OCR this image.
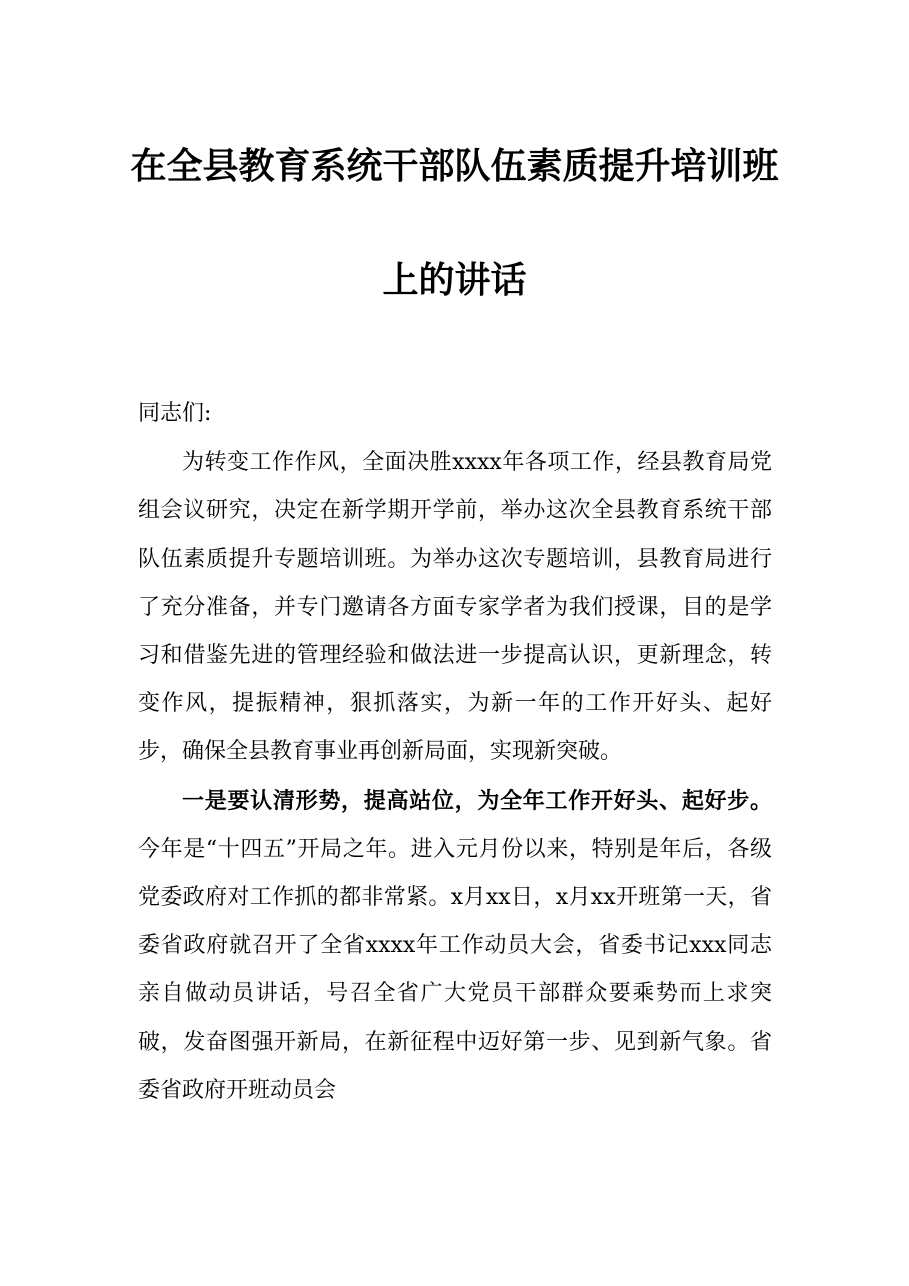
在全县教育系统干部队伍素质提升培训班
上的讲话

同志们:

为转变工作作风，全面决胜xxxx年各项工作，经县教育局党组会议研究，决定在新学期开学前，举办这次全县教育系统干部队伍素质提升专题培训班。为举办这次专题培训，县教育局进行了充分准备，并专门邀请各方面专家学者为我们授课，目的是学习和借鉴先进的管理经验和做法进一步提高认识，更新理念，转变作风，提振精神，狠抓落实，为新一年的工作开好头、起好步，确保全县教育事业再创新局面，实现新突破。

一是要认清形势，提高站位，为全年工作开好头、起好步。今年是“十四五”开局之年。进入元月份以来，特别是年后，各级党委政府对工作抓的都非常紧。x月xx日，x月xx开班第一天，省委省政府就召开了全省xxxx年工作动员大会，省委书记xxx同志亲自做动员讲话，号召全省广大党员干部群众要乘势而上求突破，发奋图强开新局，在新征程中迈好第一步、见到新气象。省委省政府开班动员会
